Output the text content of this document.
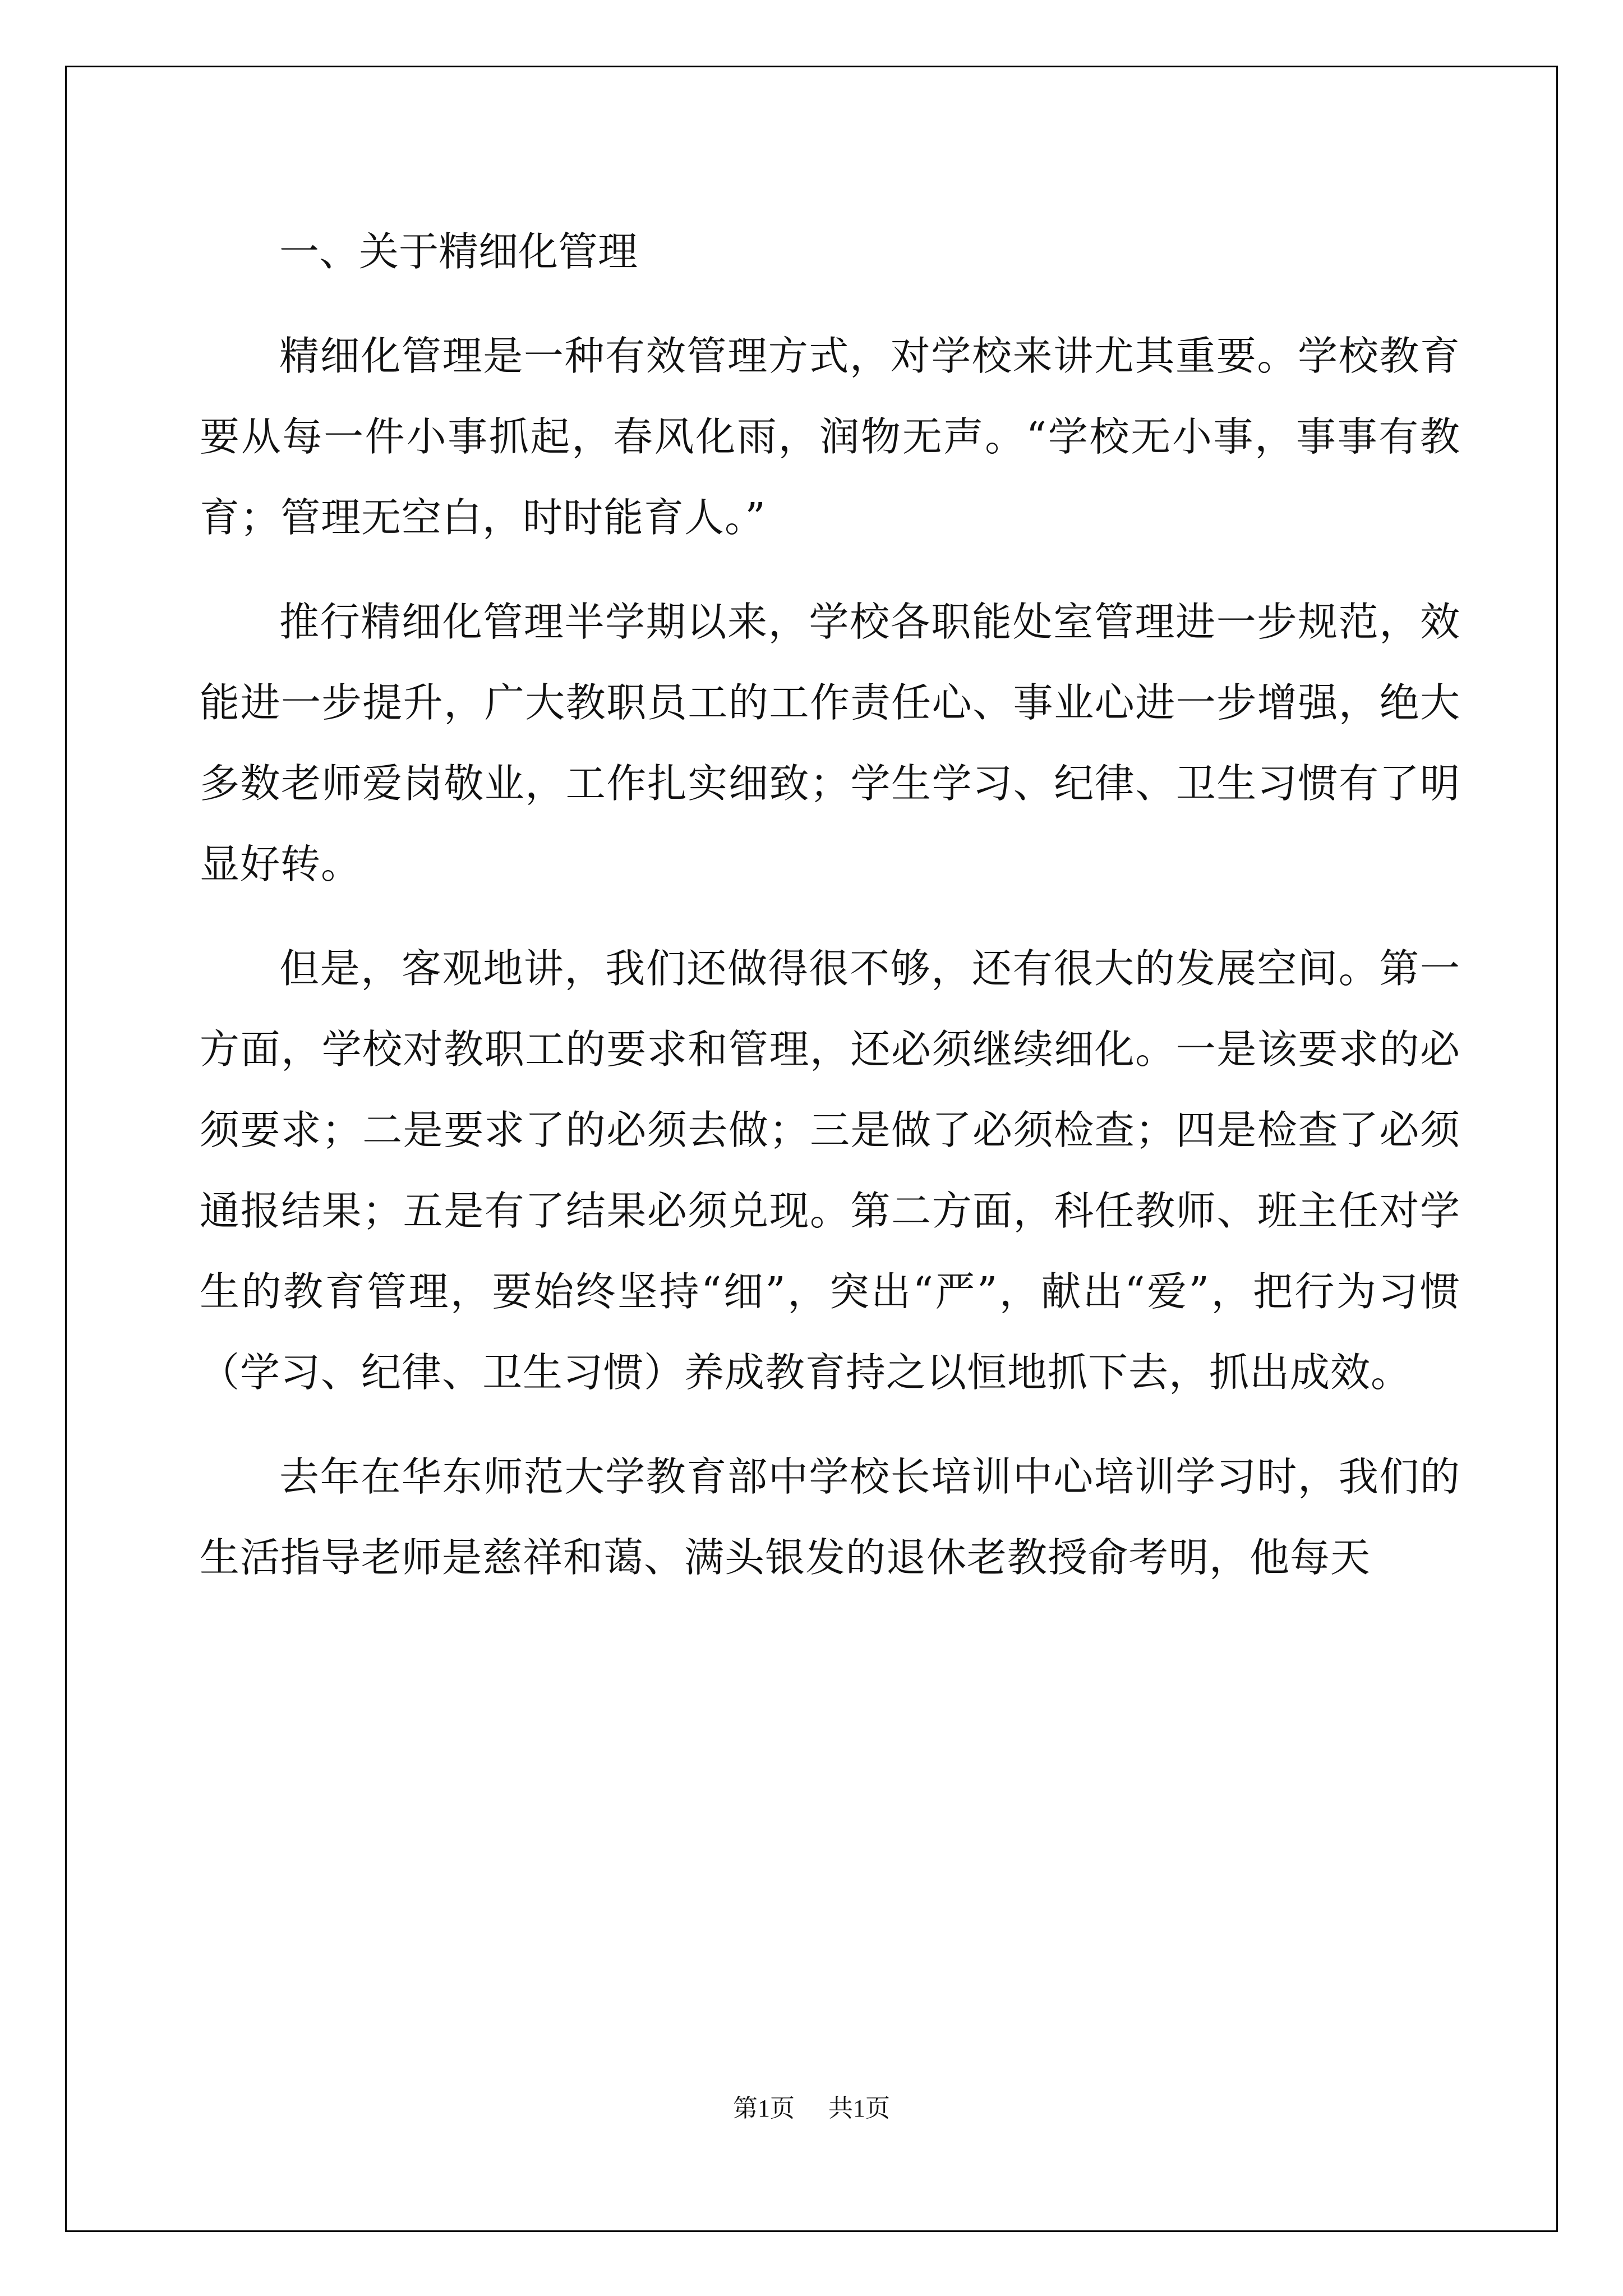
一、关于精细化管理

精细化管理是一种有效管理方式，对学校来讲尤其重要。学校教育要从每一件小事抓起，春风化雨，润物无声。“学校无小事，事事有教育；管理无空白，时时能育人。”

推行精细化管理半学期以来，学校各职能处室管理进一步规范，效能进一步提升，广大教职员工的工作责任心、事业心进一步增强，绝大多数老师爱岗敬业，工作扎实细致；学生学习、纪律、卫生习惯有了明显好转。

但是，客观地讲，我们还做得很不够，还有很大的发展空间。第一方面，学校对教职工的要求和管理，还必须继续细化。一是该要求的必须要求；二是要求了的必须去做；三是做了必须检查；四是检查了必须通报结果；五是有了结果必须兑现。第二方面，科任教师、班主任对学生的教育管理，要始终坚持“细”，突出“严”，献出“爱”，把行为习惯（学习、纪律、卫生习惯）养成教育持之以恒地抓下去，抓出成效。

去年在华东师范大学教育部中学校长培训中心培训学习时，我们的生活指导老师是慈祥和蔼、满头银发的退休老教授俞考明，他每天

第1页 共1页
